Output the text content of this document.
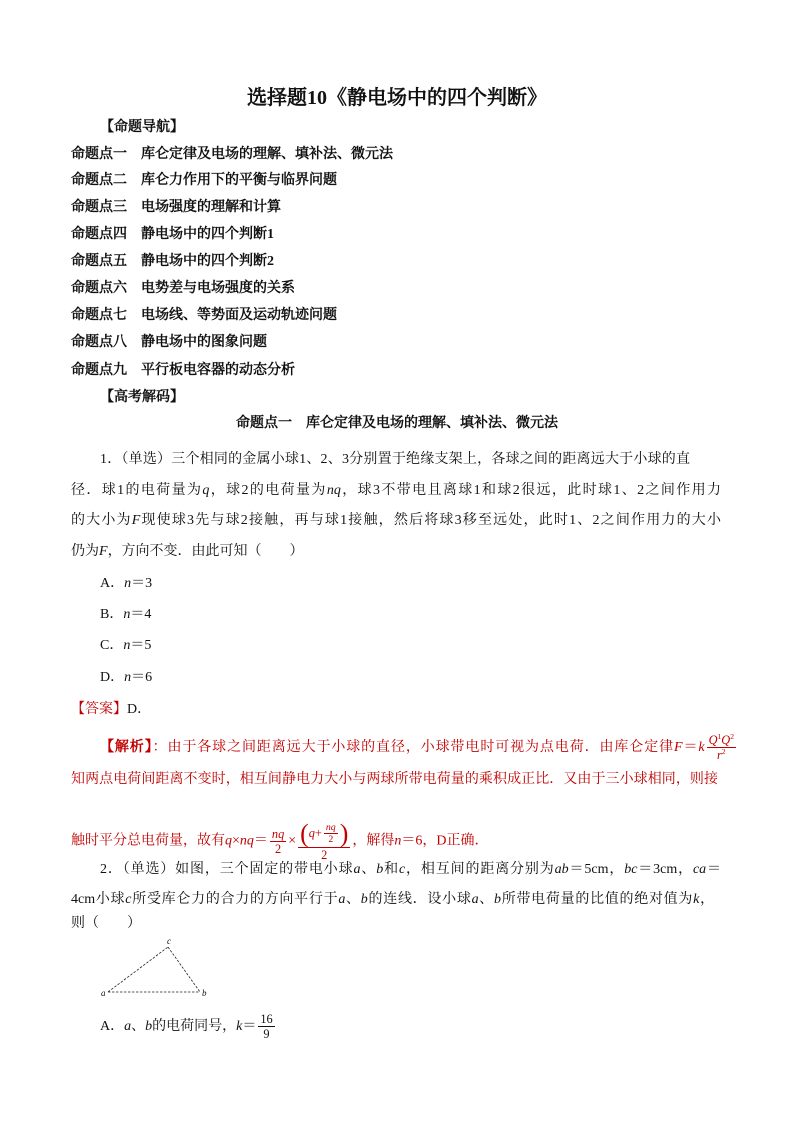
选择题10《静电场中的四个判断》
【命题导航】
命题点一　库仑定律及电场的理解、填补法、微元法
命题点二　库仑力作用下的平衡与临界问题
命题点三　电场强度的理解和计算
命题点四　静电场中的四个判断1
命题点五　静电场中的四个判断2
命题点六　电势差与电场强度的关系
命题点七　电场线、等势面及运动轨迹问题
命题点八　静电场中的图象问题
命题点九　平行板电容器的动态分析
【高考解码】
命题点一　库仑定律及电场的理解、填补法、微元法
1．（单选）三个相同的金属小球1、2、3分别置于绝缘支架上，各球之间的距离远大于小球的直
径．球1的电荷量为q，球2的电荷量为nq，球3不带电且离球1和球2很远，此时球1、2之间作用力
的大小为F现使球3先与球2接触，再与球1接触，然后将球3移至远处，此时1、2之间作用力的大小
仍为F，方向不变．由此可知（　　）
A．n＝3
B．n＝4
C．n＝5
D．n＝6
【答案】D．
【解析】：由于各球之间距离远大于小球的直径，小球带电时可视为点电荷．由库仑定律$F=k \frac{Q^1Q^2}{r^2}$
知两点电荷间距离不变时，相互间静电力大小与两球所带电荷量的乘积成正比．又由于三小球相同，则接
触时平分总电荷量，故有$q\times nq= \frac{nq}{2} \times \frac{(q+ \frac{nq}{2} )}{2}$ ，解得n＝6，D正确．
2．（单选）如图，三个固定的带电小球a、b和c，相互间的距离分别为ab＝5cm，bc＝3cm，ca＝
4cm小球c所受库仑力的合力的方向平行于a、b的连线．设小球a、b所带电荷量的比值的绝对值为k，
则（　　）
a	b
c
A．a、b的电荷同号，$k= \frac{16}{9}$
